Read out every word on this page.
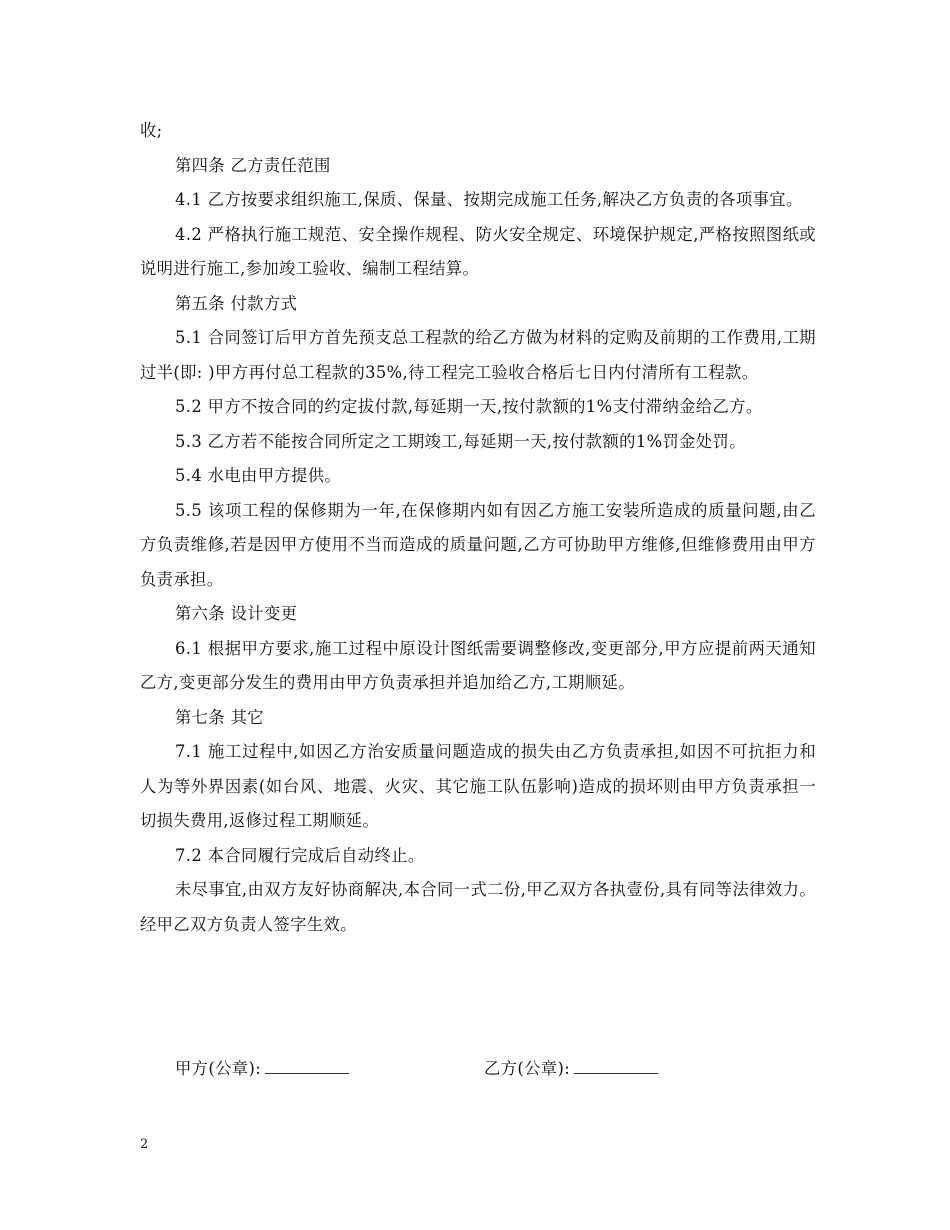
收;

第四条 乙方责任范围

4.1 乙方按要求组织施工,保质、保量、按期完成施工任务,解决乙方负责的各项事宜。

4.2 严格执行施工规范、安全操作规程、防火安全规定、环境保护规定,严格按照图纸或说明进行施工,参加竣工验收、编制工程结算。

第五条 付款方式

5.1 合同签订后甲方首先预支总工程款的给乙方做为材料的定购及前期的工作费用,工期过半(即: )甲方再付总工程款的35%,待工程完工验收合格后七日内付清所有工程款。

5.2 甲方不按合同的约定拔付款,每延期一天,按付款额的1%支付滞纳金给乙方。

5.3 乙方若不能按合同所定之工期竣工,每延期一天,按付款额的1%罚金处罚。

5.4 水电由甲方提供。

5.5 该项工程的保修期为一年,在保修期内如有因乙方施工安装所造成的质量问题,由乙方负责维修,若是因甲方使用不当而造成的质量问题,乙方可协助甲方维修,但维修费用由甲方负责承担。

第六条 设计变更

6.1 根据甲方要求,施工过程中原设计图纸需要调整修改,变更部分,甲方应提前两天通知乙方,变更部分发生的费用由甲方负责承担并追加给乙方,工期顺延。

第七条 其它

7.1 施工过程中,如因乙方治安质量问题造成的损失由乙方负责承担,如因不可抗拒力和人为等外界因素(如台风、地震、火灾、其它施工队伍影响)造成的损坏则由甲方负责承担一切损失费用,返修过程工期顺延。

7.2 本合同履行完成后自动终止。

未尽事宜,由双方友好协商解决,本合同一式二份,甲乙双方各执壹份,具有同等法律效力。经甲乙双方负责人签字生效。

甲方(公章):	乙方(公章):
2
